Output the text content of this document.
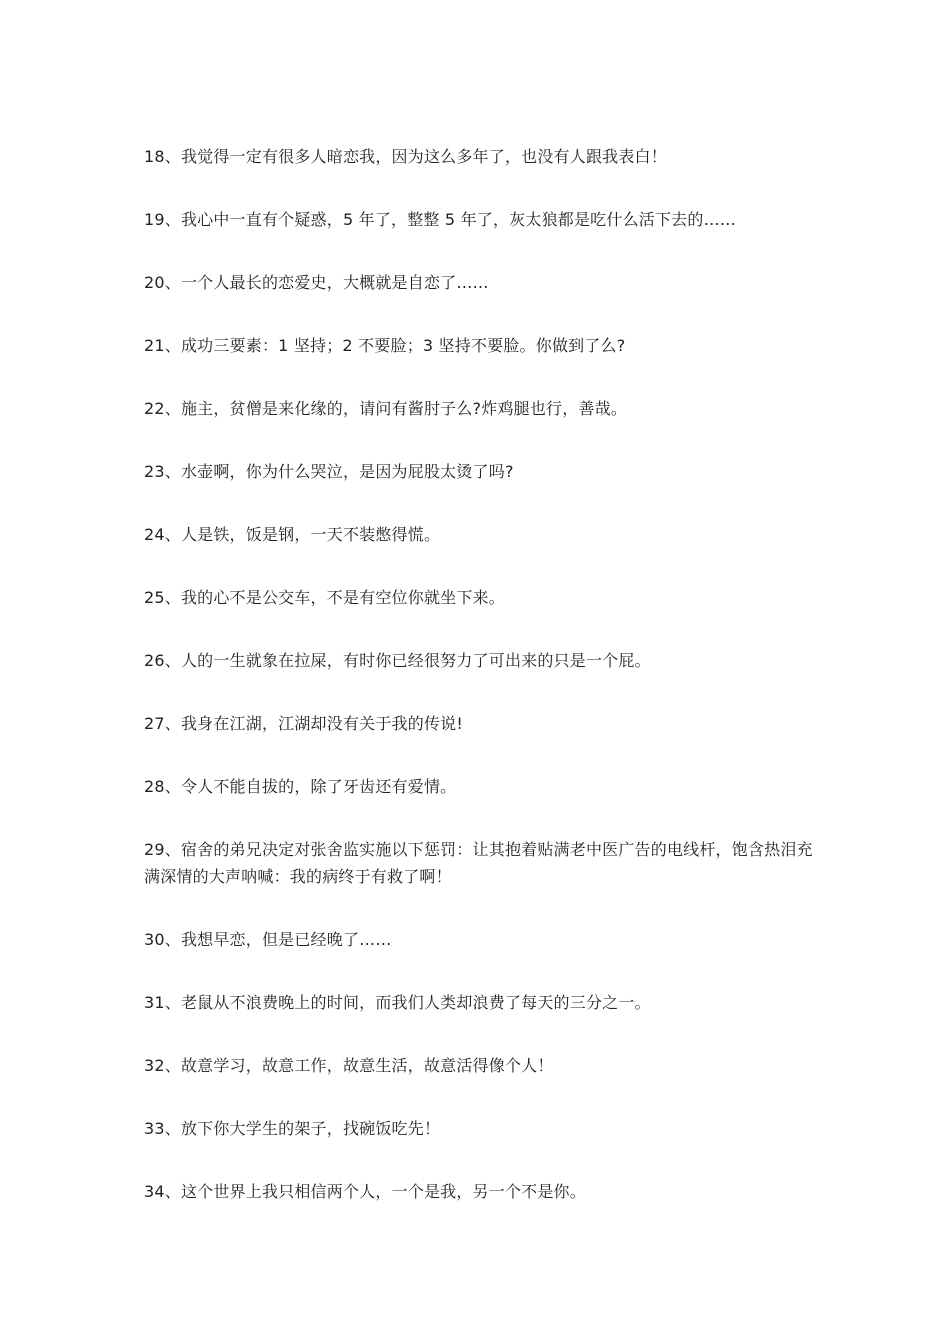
18、我觉得一定有很多人暗恋我，因为这么多年了，也没有人跟我表白！

19、我心中一直有个疑惑，5 年了，整整 5 年了，灰太狼都是吃什么活下去的……

20、一个人最长的恋爱史，大概就是自恋了……

21、成功三要素：1 坚持；2 不要脸；3 坚持不要脸。你做到了么?

22、施主，贫僧是来化缘的，请问有酱肘子么?炸鸡腿也行，善哉。

23、水壶啊，你为什么哭泣，是因为屁股太烫了吗?

24、人是铁，饭是钢，一天不装憋得慌。

25、我的心不是公交车，不是有空位你就坐下来。

26、人的一生就象在拉屎，有时你已经很努力了可出来的只是一个屁。

27、我身在江湖，江湖却没有关于我的传说!

28、令人不能自拔的，除了牙齿还有爱情。

29、宿舍的弟兄决定对张舍监实施以下惩罚：让其抱着贴满老中医广告的电线杆，饱含热泪充满深情的大声呐喊：我的病终于有救了啊！

30、我想早恋，但是已经晚了……

31、老鼠从不浪费晚上的时间，而我们人类却浪费了每天的三分之一。

32、故意学习，故意工作，故意生活，故意活得像个人！

33、放下你大学生的架子，找碗饭吃先！

34、这个世界上我只相信两个人，一个是我，另一个不是你。
